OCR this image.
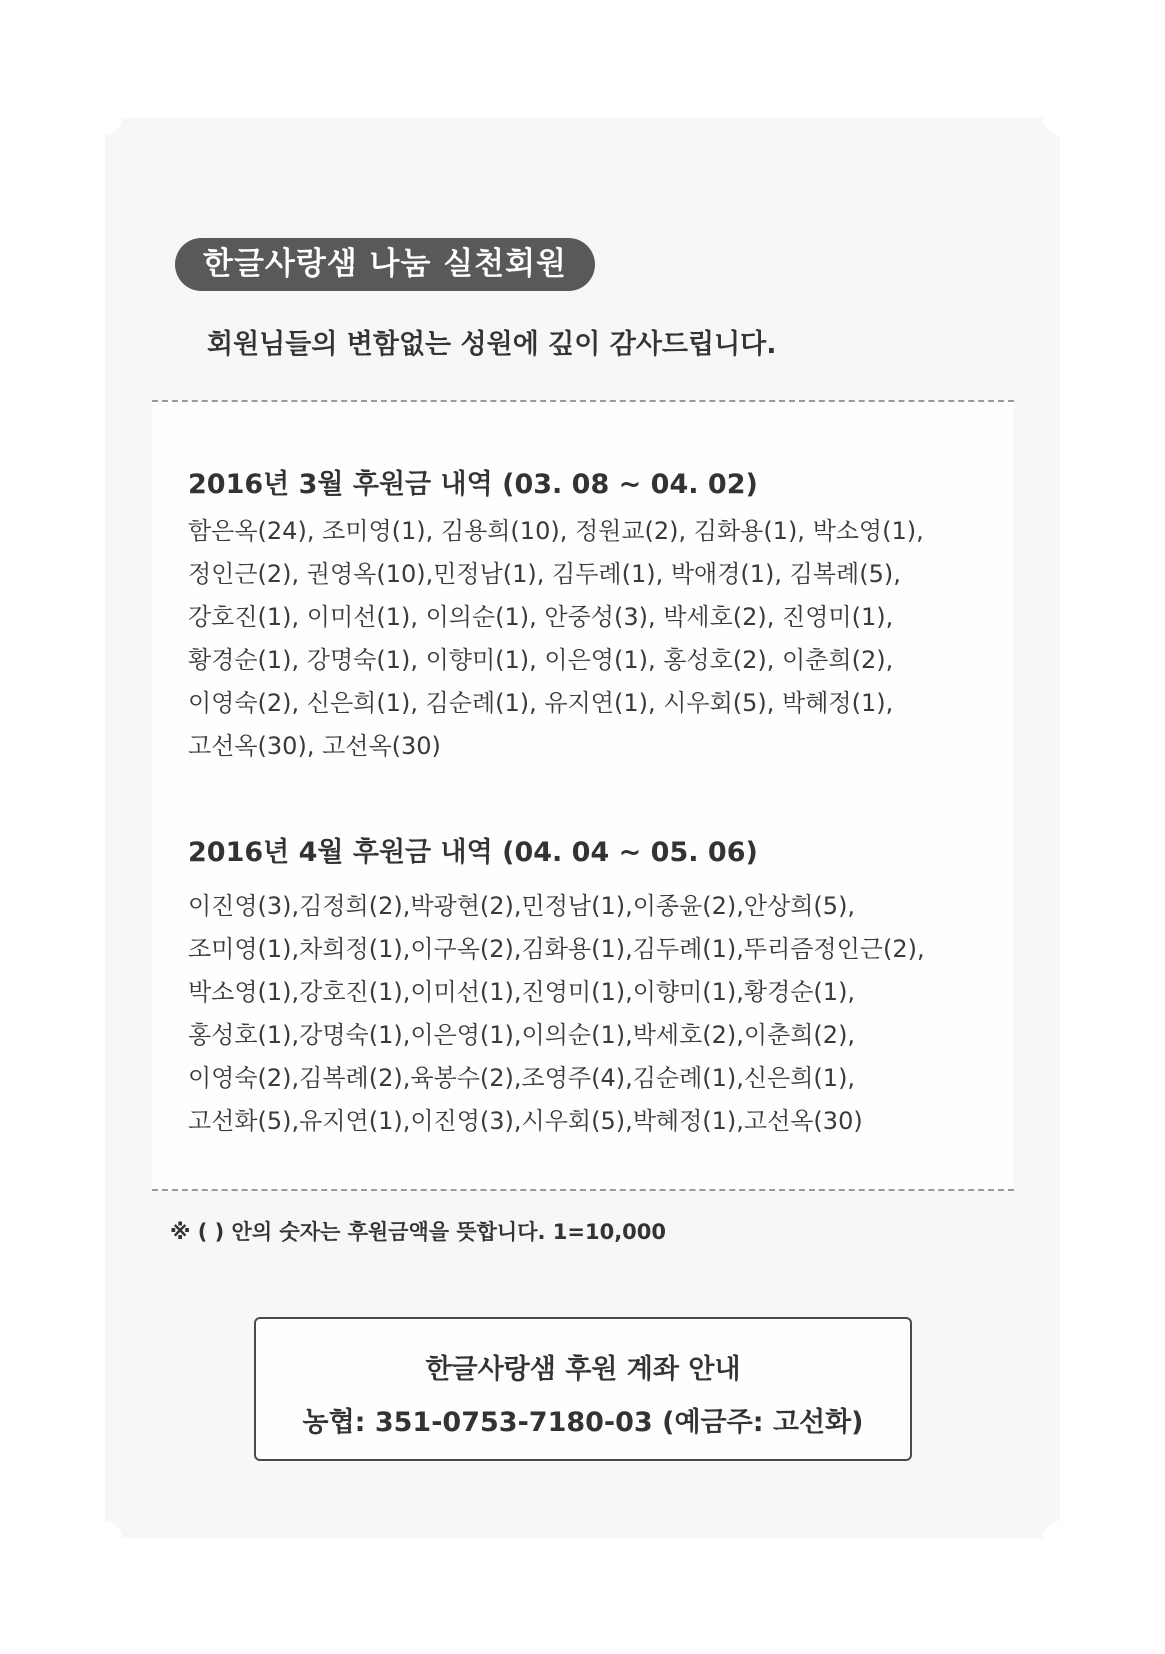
한글사랑샘 나눔 실천회원
회원님들의 변함없는 성원에 깊이 감사드립니다.
2016년 3월 후원금 내역 (03. 08 ~ 04. 02)
함은옥(24), 조미영(1), 김용희(10), 정원교(2), 김화용(1), 박소영(1),
정인근(2), 권영옥(10),민정남(1), 김두례(1), 박애경(1), 김복례(5),
강호진(1), 이미선(1), 이의순(1), 안중성(3), 박세호(2), 진영미(1),
황경순(1), 강명숙(1), 이향미(1), 이은영(1), 홍성호(2), 이춘희(2),
이영숙(2), 신은희(1), 김순례(1), 유지연(1), 시우회(5), 박혜정(1),
고선옥(30), 고선옥(30)
2016년 4월 후원금 내역 (04. 04 ~ 05. 06)
이진영(3),김정희(2),박광현(2),민정남(1),이종윤(2),안상희(5),
조미영(1),차희정(1),이구옥(2),김화용(1),김두례(1),뚜리즘정인근(2),
박소영(1),강호진(1),이미선(1),진영미(1),이향미(1),황경순(1),
홍성호(1),강명숙(1),이은영(1),이의순(1),박세호(2),이춘희(2),
이영숙(2),김복례(2),육봉수(2),조영주(4),김순례(1),신은희(1),
고선화(5),유지연(1),이진영(3),시우회(5),박혜정(1),고선옥(30)
※ ( ) 안의 숫자는 후원금액을 뜻합니다. 1=10,000
한글사랑샘 후원 계좌 안내
농협: 351-0753-7180-03 (예금주: 고선화)
